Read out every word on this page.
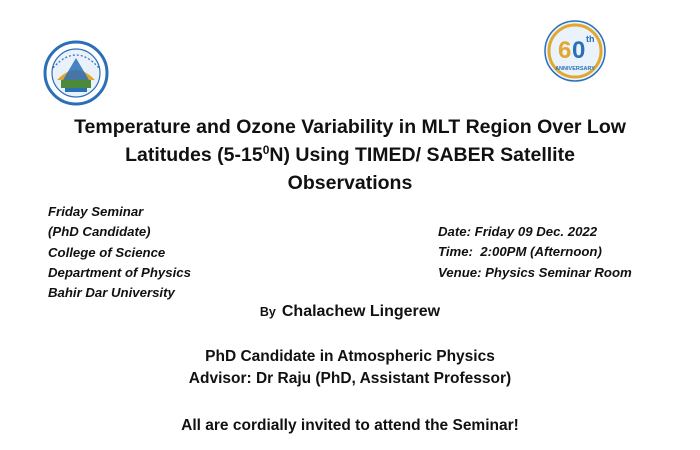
6 0 th
ANNIVERSARY
Temperature and Ozone Variability in MLT Region Over Low
Latitudes $(5-15^0N)$ Using TIMED/ SABER Satellite
Observations
Friday Seminar
(PhD Candidate)
College of Science
Department of Physics
Bahir Dar University
Date: Friday 09 Dec. 2022
Time:  2:00PM (Afternoon)
Venue: Physics Seminar Room
By Chalachew Lingerew
PhD Candidate in Atmospheric Physics
Advisor: Dr Raju (PhD, Assistant Professor)
All are cordially invited to attend the Seminar!
